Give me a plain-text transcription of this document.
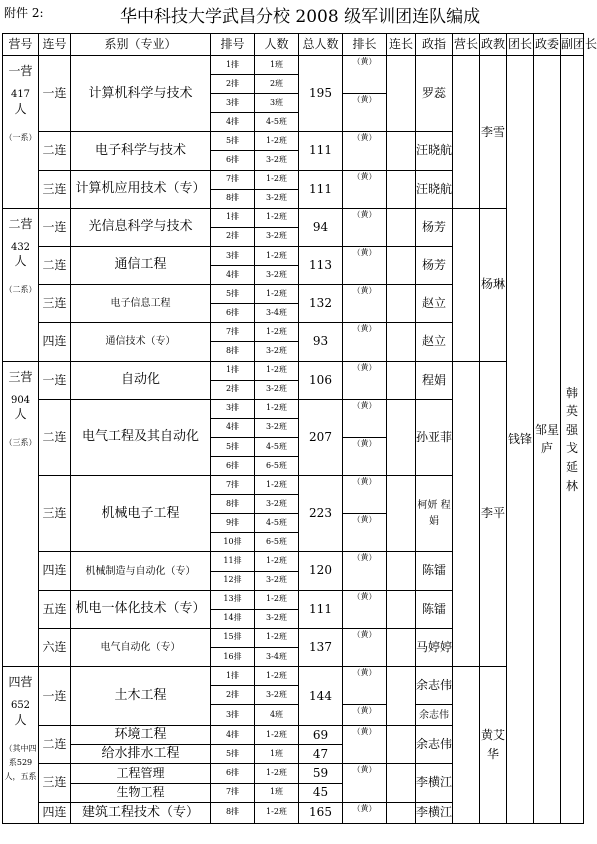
附件 2:	华中科技大学武昌分校 2008 级军训团连队编成
营号	连号	系别（专业）	排号	人数	总人数	排长	连长	政指	营长	政教	团长	政委	副团长

一营
417
人
（一系）	一连	计算机科学与技术	1排	1班	195	（黄）		罗蕊		李雪	钱锋	邹星庐	韩英强 戈延林
			2排	2班									
			3排	3班		（黄）							
			4排	4-5班									
	二连	电子科学与技术	5排	1-2班	111	（黄）		汪晓航					
			6排	3-2班									
	三连	计算机应用技术（专）	7排	1-2班	111	（黄）		汪晓航					
			8排	3-2班									

二营
432
人
（二系）	一连	光信息科学与技术	1排	1-2班	94	（黄）		杨芳		杨琳			
			2排	3-2班									
	二连	通信工程	3排	1-2班	113	（黄）		杨芳					
			4排	3-2班									
	三连	电子信息工程	5排	1-2班	132	（黄）		赵立					
			6排	3-4班									
	四连	通信技术（专）	7排	1-2班	93	（黄）		赵立					
			8排	3-2班									

三营
904
人
（三系）	一连	自动化	1排	1-2班	106	（黄）		程娟		李平			
			2排	3-2班									
	二连	电气工程及其自动化	3排	1-2班	207	（黄）		孙亚菲					
			4排	3-2班									
			5排	4-5班		（黄）							
			6排	6-5班									
	三连	机械电子工程	7排	1-2班	223	（黄）		柯妍 程娟					
			8排	3-2班									
			9排	4-5班		（黄）							
			10排	6-5班									
	四连	机械制造与自动化（专）	11排	1-2班	120	（黄）		陈镭					
			12排	3-2班									
	五连	机电一体化技术（专）	13排	1-2班	111	（黄）		陈镭					
			14排	3-2班									
	六连	电气自动化（专）	15排	1-2班	137	（黄）		马婷婷					
			16排	3-4班									

四营
652
人
（其中四系529人，五系	一连	土木工程	1排	1-2班	144	（黄）		余志伟		黄艾华			
			2排	3-2班									
			3排	4班		（黄）		余志伟					
	二连	环境工程	4排	1-2班	69	（黄）		余志伟					
		给水排水工程	5排	1班	47								
	三连	工程管理	6排	1-2班	59	（黄）		李横江					
		生物工程	7排	1班	45								
	四连	建筑工程技术（专）	8排	1-2班	165	（黄）		李横江					
